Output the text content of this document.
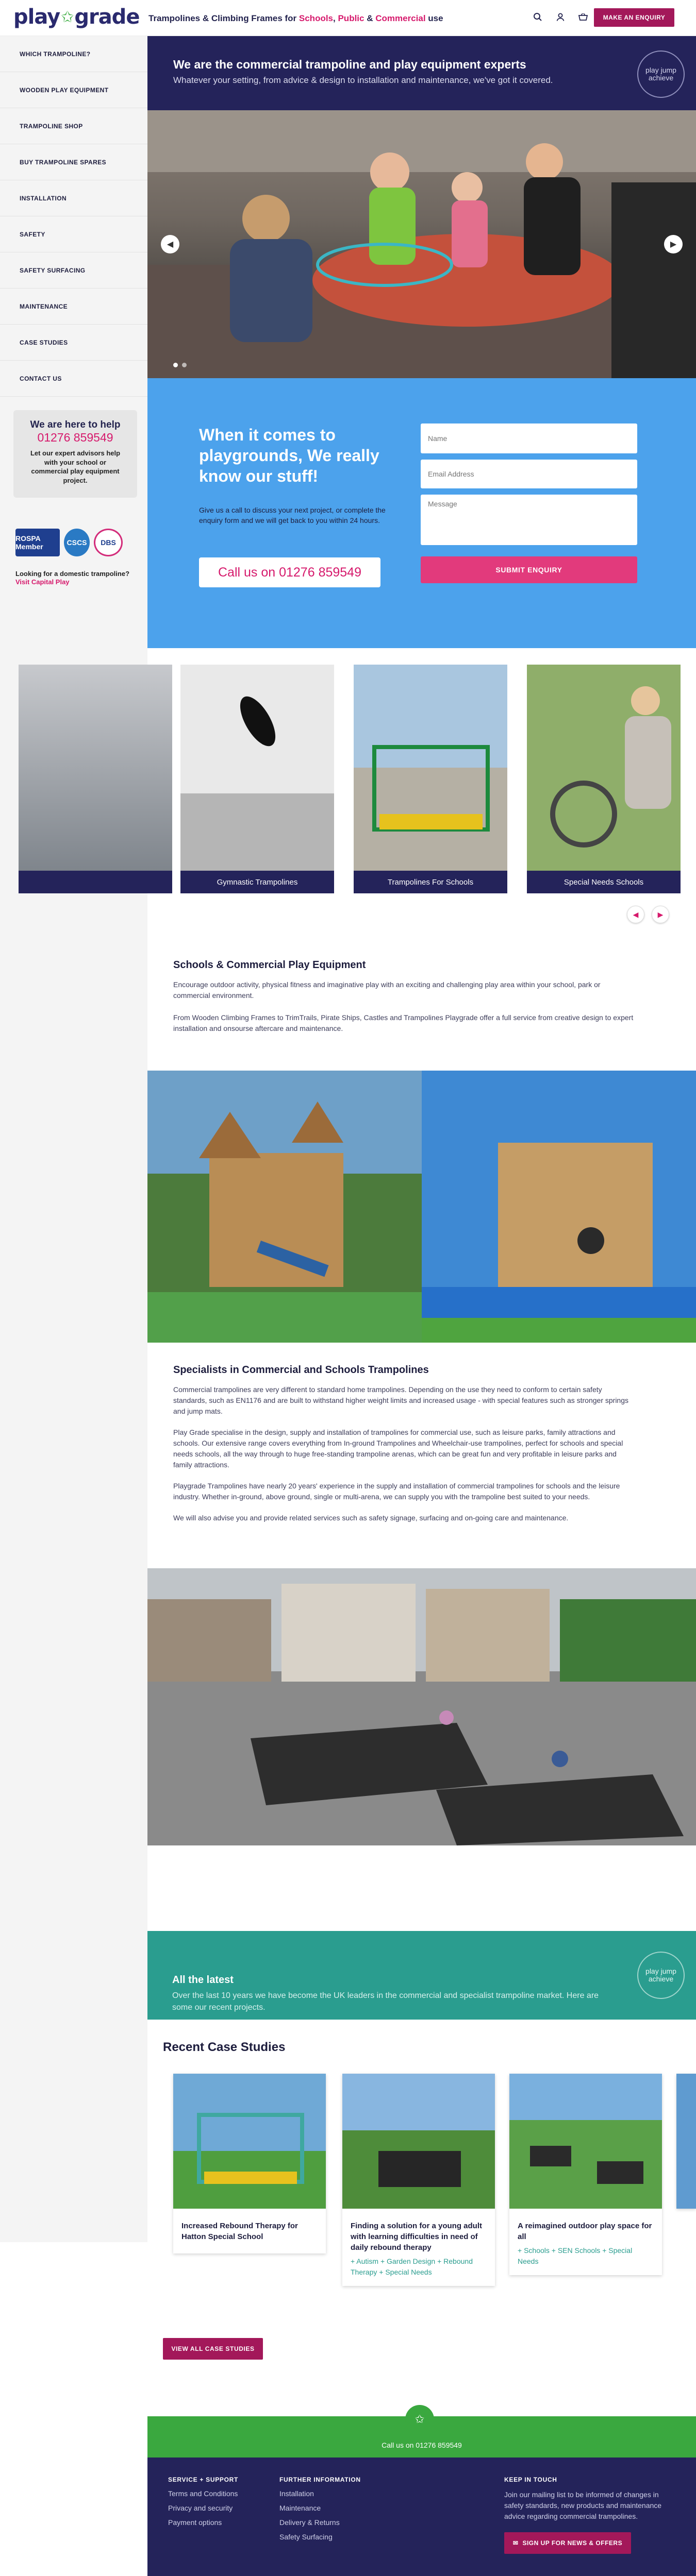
play ✩ grade Trampolines & Climbing Frames for Schools, Public & Commercial use	MAKE AN ENQUIRY
WHICH TRAMPOLINE?
WOODEN PLAY EQUIPMENT
TRAMPOLINE SHOP
BUY TRAMPOLINE SPARES
INSTALLATION
SAFETY
SAFETY SURFACING
MAINTENANCE
CASE STUDIES
CONTACT US
We are here to help
01276 859549
Let our expert advisors help with your school or commercial play equipment project.
ROSPA Member	CSCS	DBS
Looking for a domestic trampoline?
Visit Capital Play
We are the commercial trampoline and play equipment experts
Whatever your setting, from advice & design to installation and maintenance, we've got it covered.
play jump achieve
◀	▶
When it comes to playgrounds, We really know our stuff!
Give us a call to discuss your next project, or complete the enquiry form and we will get back to you within 24 hours.
Call us on 01276 859549
Name
Email Address
Message	SUBMIT ENQUIRY
Gymnastic Trampolines	Trampolines For Schools	Special Needs Schools
◀	▶
Schools & Commercial Play Equipment

Encourage outdoor activity, physical fitness and imaginative play with an exciting and challenging play area within your school, park or commercial environment.

From Wooden Climbing Frames to TrimTrails, Pirate Ships, Castles and Trampolines Playgrade offer a full service from creative design to expert installation and onsourse aftercare and maintenance.

Specialists in Commercial and Schools Trampolines

Commercial trampolines are very different to standard home trampolines. Depending on the use they need to conform to certain safety standards, such as EN1176 and are built to withstand higher weight limits and increased usage - with special features such as stronger springs and jump mats.

Play Grade specialise in the design, supply and installation of trampolines for commercial use, such as leisure parks, family attractions and schools. Our extensive range covers everything from In-ground Trampolines and Wheelchair-use trampolines, perfect for schools and special needs schools, all the way through to huge free-standing trampoline arenas, which can be great fun and very profitable in leisure parks and family attractions.

Playgrade Trampolines have nearly 20 years' experience in the supply and installation of commercial trampolines for schools and the leisure industry. Whether in-ground, above ground, single or multi-arena, we can supply you with the trampoline best suited to your needs.

We will also advise you and provide related services such as safety signage, surfacing and on-going care and maintenance.

All the latest
Over the last 10 years we have become the UK leaders in the commercial and specialist trampoline market. Here are some our recent projects.
play jump achieve
Recent Case Studies
Increased Rebound Therapy for Hatton Special School
Finding a solution for a young adult with learning difficulties in need of daily rebound therapy
+ Autism + Garden Design + Rebound Therapy + Special Needs
A reimagined outdoor play space for all
+ Schools + SEN Schools + Special Needs
VIEW ALL CASE STUDIES
✩
Call us on 01276 859549
SERVICE + SUPPORT
Terms and Conditions
Privacy and security
Payment options
FURTHER INFORMATION
Installation
Maintenance
Delivery & Returns
Safety Surfacing
KEEP IN TOUCH
Join our mailing list to be informed of changes in safety standards, new products and maintenance advice regarding commercial trampolines.
✉ SIGN UP FOR NEWS & OFFERS
